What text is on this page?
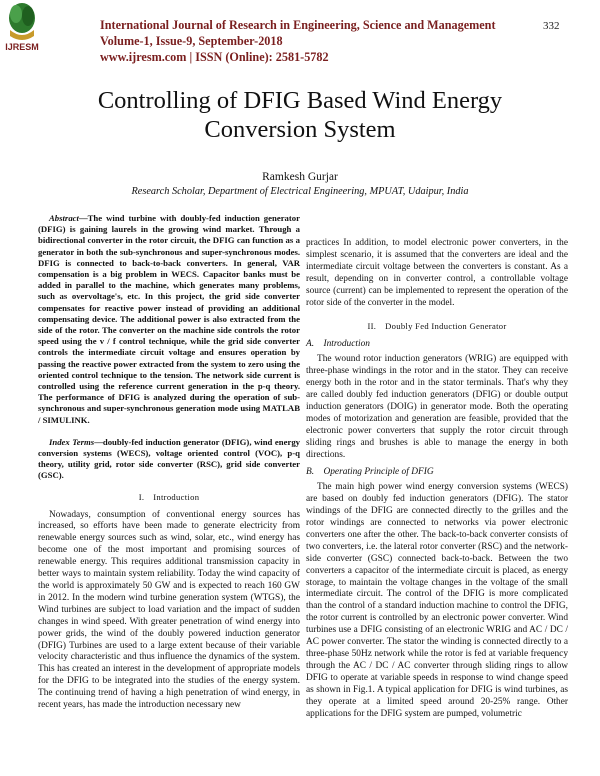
IJRESM
International Journal of Research in Engineering, Science and Management
Volume-1, Issue-9, September-2018
www.ijresm.com | ISSN (Online): 2581-5782
332
Controlling of DFIG Based Wind Energy
Conversion System
Ramkesh Gurjar
Research Scholar, Department of Electrical Engineering, MPUAT, Udaipur, India

Abstract—The wind turbine with doubly-fed induction generator (DFIG) is gaining laurels in the growing wind market. Through a bidirectional converter in the rotor circuit, the DFIG can function as a generator in both the sub-synchronous and super-synchronous modes. DFIG is connected to back-to-back converters. In general, VAR compensation is a big problem in WECS. Capacitor banks must be added in parallel to the machine, which generates many problems, such as overvoltage's, etc. In this project, the grid side converter compensates for reactive power instead of providing an additional compensating device. The additional power is also extracted from the side of the rotor. The converter on the machine side controls the rotor speed using the v / f control technique, while the grid side converter controls the intermediate circuit voltage and ensures operation by passing the reactive power extracted from the system to zero using the oriented control technique to the tension. The network side current is controlled using the reference current generation in the p-q theory. The performance of DFIG is analyzed during the operation of sub-synchronous and super-synchronous generation mode using MATLAB / SIMULINK.

Index Terms—doubly-fed induction generator (DFIG), wind energy conversion systems (WECS), voltage oriented control (VOC), p-q theory, utility grid, rotor side converter (RSC), grid side converter (GSC).

I. Introduction

Nowadays, consumption of conventional energy sources has increased, so efforts have been made to generate electricity from renewable energy sources such as wind, solar, etc., wind energy has become one of the most important and promising sources of renewable energy. This requires additional transmission capacity in better ways to maintain system reliability. Today the wind capacity of the world is approximately 50 GW and is expected to reach 160 GW in 2012. In the modern wind turbine generation system (WTGS), the Wind turbines are subject to load variation and the impact of sudden changes in wind speed. With greater penetration of wind energy into power grids, the wind of the doubly powered induction generator (DFIG) Turbines are used to a large extent because of their variable velocity characteristic and thus influence the dynamics of the system. This has created an interest in the development of appropriate models for the DFIG to be integrated into the studies of the energy system. The continuing trend of having a high penetration of wind energy, in recent years, has made the introduction necessary new

practices In addition, to model electronic power converters, in the simplest scenario, it is assumed that the converters are ideal and the intermediate circuit voltage between the converters is constant. As a result, depending on in converter control, a controllable voltage source (current) can be implemented to represent the operation of the rotor side of the converter in the model.

II. Doubly Fed Induction Generator
A. Introduction

The wound rotor induction generators (WRIG) are equipped with three-phase windings in the rotor and in the stator. They can receive energy both in the rotor and in the stator terminals. That's why they are called doubly fed induction generators (DFIG) or double output induction generators (DOIG) in generator mode. Both the operating modes of motorization and generation are feasible, provided that the electronic power converters that supply the rotor circuit through sliding rings and brushes is able to manage the energy in both directions.

B. Operating Principle of DFIG

The main high power wind energy conversion systems (WECS) are based on doubly fed induction generators (DFIG). The stator windings of the DFIG are connected directly to the grilles and the rotor windings are connected to networks via power electronic converters one after the other. The back-to-back converter consists of two converters, i.e. the lateral rotor converter (RSC) and the network-side converter (GSC) connected back-to-back. Between the two converters a capacitor of the intermediate circuit is placed, as energy storage, to maintain the voltage changes in the voltage of the small intermediate circuit. The control of the DFIG is more complicated than the control of a standard induction machine to control the DFIG, the rotor current is controlled by an electronic power converter. Wind turbines use a DFIG consisting of an electronic WRIG and AC / DC / AC power converter. The stator the winding is connected directly to a three-phase 50Hz network while the rotor is fed at variable frequency through the AC / DC / AC converter through sliding rings to allow DFIG to operate at variable speeds in response to wind change speed as shown in Fig.1. A typical application for DFIG is wind turbines, as they operate at a limited speed around 20-25% range. Other applications for the DFIG system are pumped, volumetric
